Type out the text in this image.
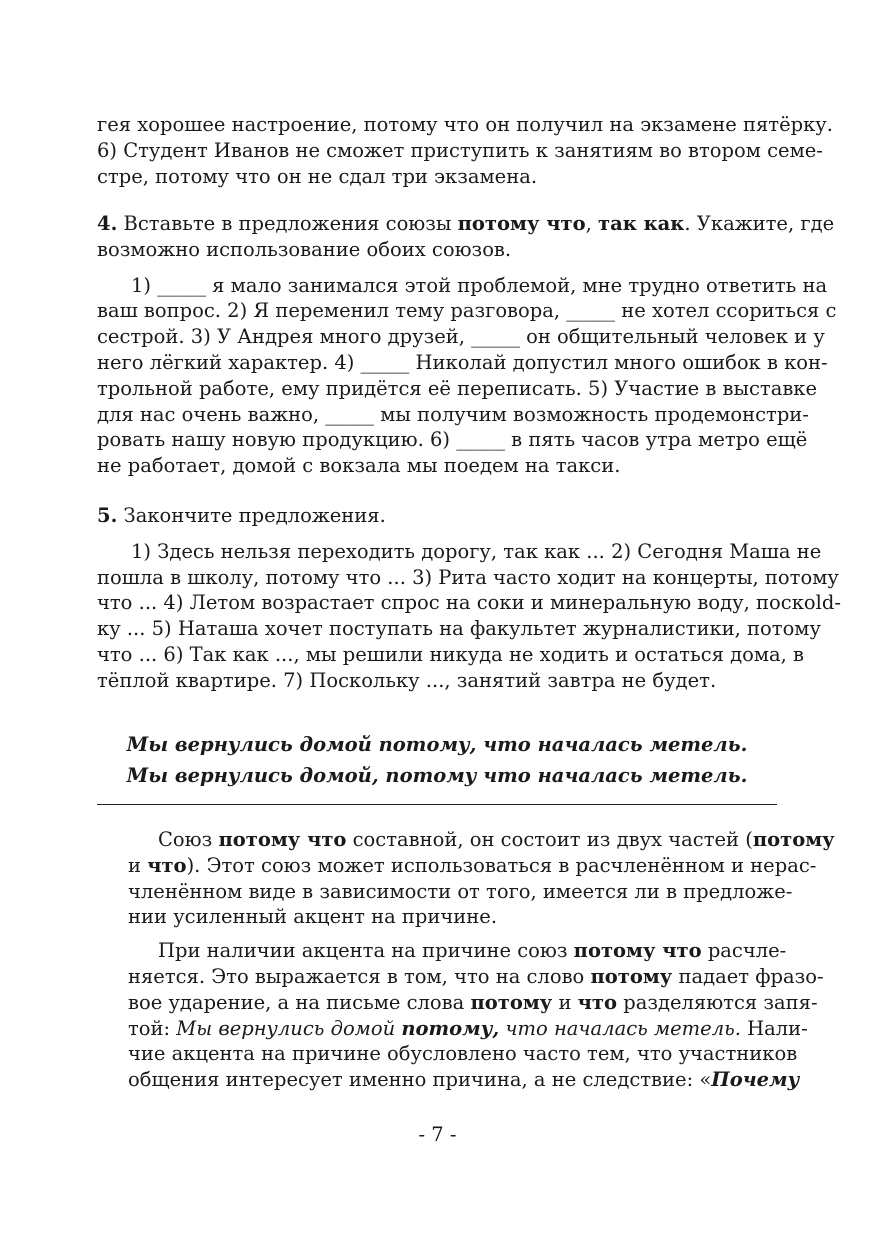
гея хорошее настроение, потому что он получил на экзамене пятёрку.
6) Студент Иванов не сможет приступить к занятиям во втором семе-
стре, потому что он не сдал три экзамена.
4. Вставьте в предложения союзы потому что, так как. Укажите, где
возможно использование обоих союзов.
1) _____ я мало занимался этой проблемой, мне трудно ответить на
ваш вопрос. 2) Я переменил тему разговора, _____ не хотел ссориться с
сестрой. 3) У Андрея много друзей, _____ он общительный человек и у
него лёгкий характер. 4) _____ Николай допустил много ошибок в кон-
трольной работе, ему придётся её переписать. 5) Участие в выставке
для нас очень важно, _____ мы получим возможность продемонстри-
ровать нашу новую продукцию. 6) _____ в пять часов утра метро ещё
не работает, домой с вокзала мы поедем на такси.
5. Закончите предложения.
1) Здесь нельзя переходить дорогу, так как ... 2) Сегодня Маша не
пошла в школу, потому что ... 3) Рита часто ходит на концерты, потому
что ... 4) Летом возрастает спрос на соки и минеральную воду, поскold-
ку ... 5) Наташа хочет поступать на факультет журналистики, потому
что ... 6) Так как ..., мы решили никуда не ходить и остаться дома, в
тёплой квартире. 7) Поскольку ..., занятий завтра не будет.
Мы вернулись домой потому, что началась метель.
Мы вернулись домой, потому что началась метель.
Союз потому что составной, он состоит из двух частей (потому
и что). Этот союз может использоваться в расчленённом и нерас-
членённом виде в зависимости от того, имеется ли в предложе-
нии усиленный акцент на причине.
При наличии акцента на причине союз потому что расчле-
няется. Это выражается в том, что на слово потому падает фразо-
вое ударение, а на письме слова потому и что разделяются запя-
той: Мы вернулись домой потому, что началась метель. Нали-
чие акцента на причине обусловлено часто тем, что участников
общения интересует именно причина, а не следствие: «Почему
- 7 -
